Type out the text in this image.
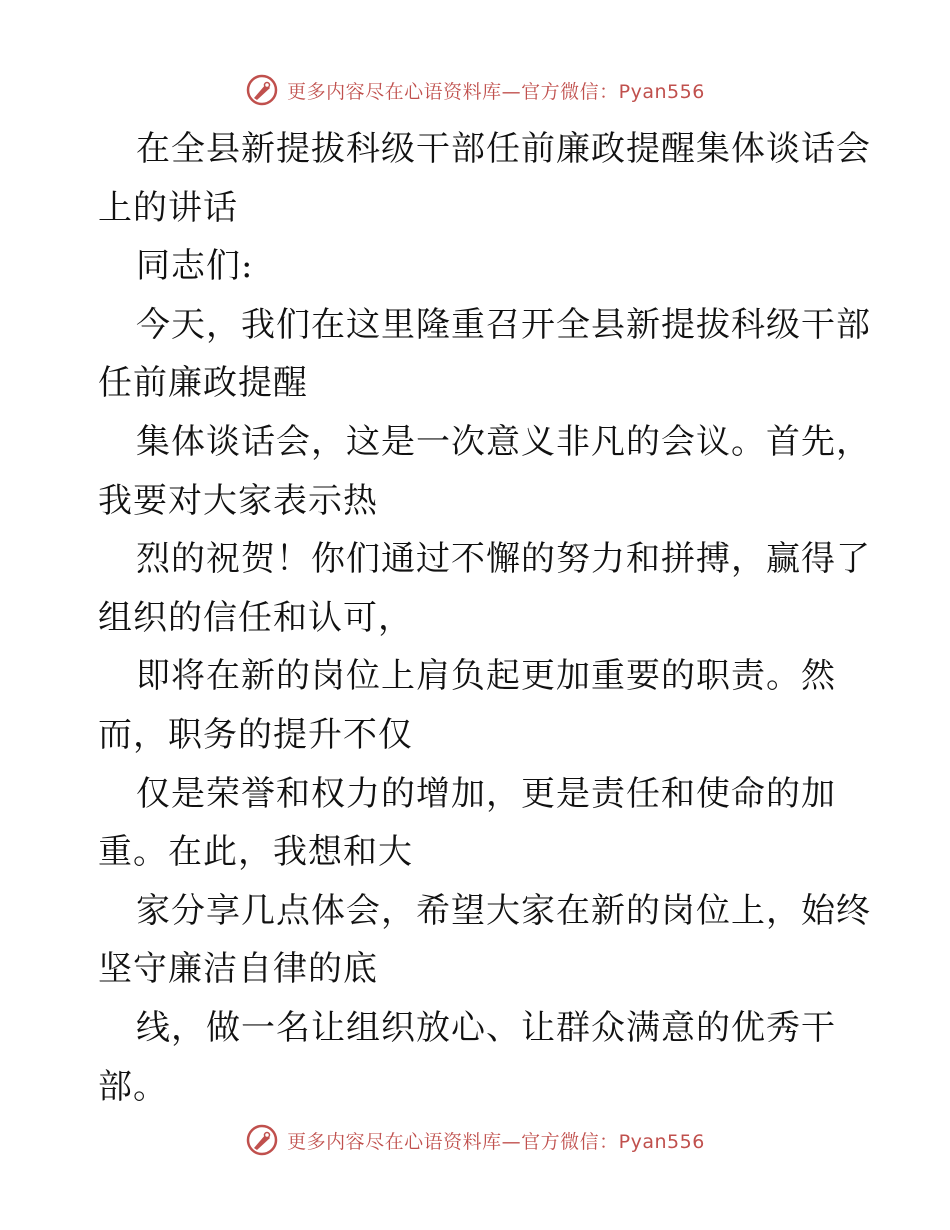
更多内容尽在心语资料库—官方微信：Pyan556
在全县新提拔科级干部任前廉政提醒集体谈话会
上的讲话
同志们:
今天，我们在这里隆重召开全县新提拔科级干部
任前廉政提醒
集体谈话会，这是一次意义非凡的会议。首先，
我要对大家表示热
烈的祝贺！你们通过不懈的努力和拼搏，赢得了
组织的信任和认可，
即将在新的岗位上肩负起更加重要的职责。然
而，职务的提升不仅
仅是荣誉和权力的增加，更是责任和使命的加
重。在此，我想和大
家分享几点体会，希望大家在新的岗位上，始终
坚守廉洁自律的底
线，做一名让组织放心、让群众满意的优秀干
部。
更多内容尽在心语资料库—官方微信：Pyan556
